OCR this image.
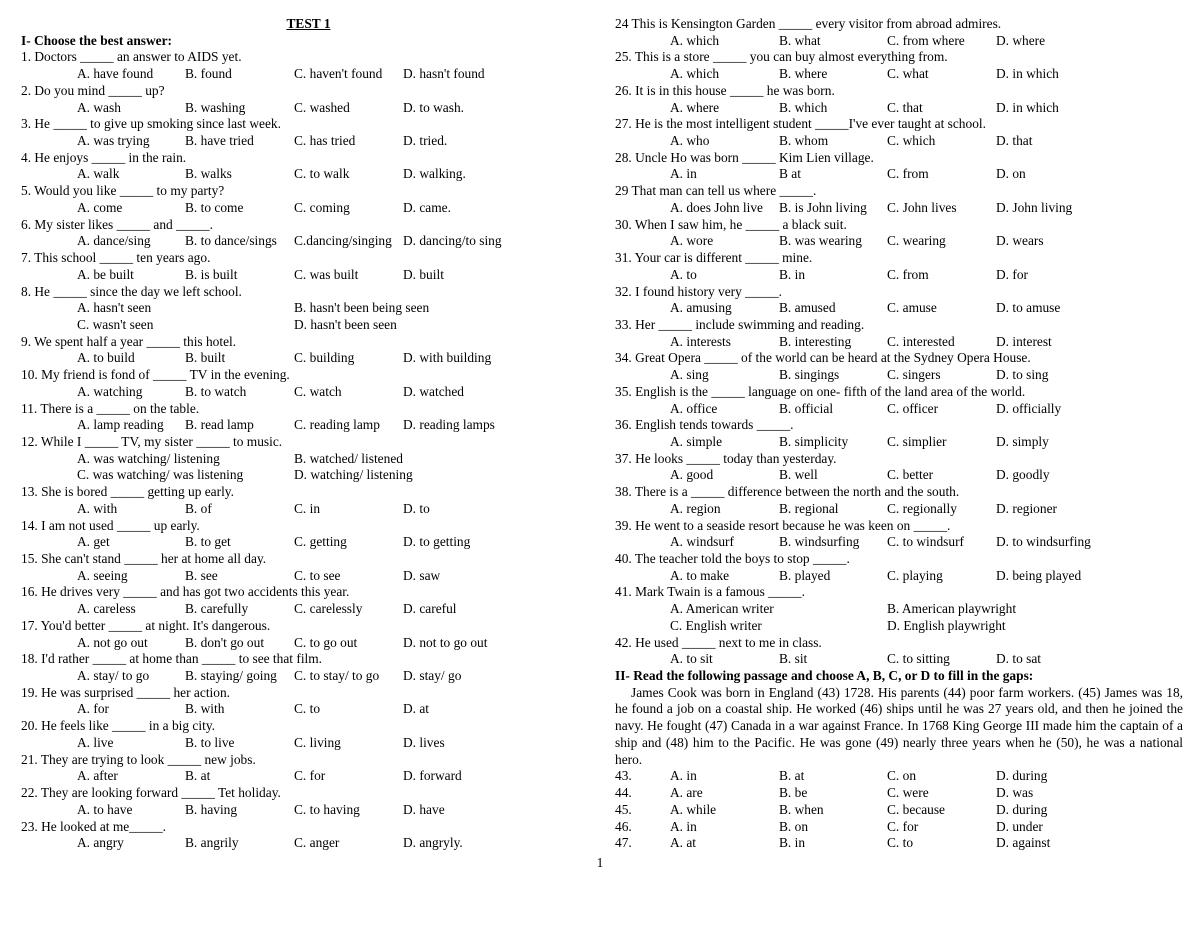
TEST 1
I- Choose the best answer:
1. Doctors _____ an answer to AIDS yet.
A. have found B. found	C. haven't found D. hasn't found
2. Do you mind _____ up?
A. wash	B. washing	C. washed	D. to wash.
3. He _____ to give up smoking since last week.
A. was trying	B. have tried	C. has tried	D. tried.
4. He enjoys _____ in the rain.
A. walk	B. walks	C. to walk	D. walking.
5. Would you like _____ to my party?
A. come	B. to come	C. coming	D. came.
6. My sister likes _____ and _____.
A. dance/sing	B. to dance/sings C.dancing/singing D. dancing/to sing
7. This school _____ ten years ago.
A. be built	B. is built	C. was built	D. built
8. He _____ since the day we left school.
A. hasn't seen	B. hasn't been being seen
C. wasn't seen	D. hasn't been seen
9. We spent half a year _____ this hotel.
A. to build	B. built	C. building	D. with building
10. My friend is fond of _____ TV in the evening.
A. watching	B. to watch	C. watch	D. watched
11. There is a _____ on the table.
A. lamp reading B. read lamp	C. reading lamp D. reading lamps
12. While I _____ TV, my sister _____ to music.
A. was watching/ listening	B. watched/ listened
C. was watching/ was listening	D. watching/ listening
13. She is bored _____ getting up early.
A. with	B. of	C. in	D. to
14. I am not used _____ up early.
A. get	B. to get	C. getting	D. to getting
15. She can't stand _____ her at home all day.
A. seeing	B. see	C. to see	D. saw
16. He drives very _____ and has got two accidents this year.
A. careless	B. carefully	C. carelessly	D. careful
17. You'd better _____ at night. It's dangerous.
A. not go out	B. don't go out C. to go out	D. not to go out
18. I'd rather _____ at home than _____ to see that film.
A. stay/ to go	B. staying/ going C. to stay/ to go D. stay/ go
19. He was surprised _____ her action.
A. for	B. with	C. to	D. at
20. He feels like _____ in a big city.
A. live	B. to live	C. living	D. lives
21. They are trying to look _____ new jobs.
A. after	B. at	C. for	D. forward
22. They are looking forward _____ Tet holiday.
A. to have	B. having	C. to having	D. have
23. He looked at me_____.
A. angry	B. angrily	C. anger	D. angryly.
24 This is Kensington Garden _____ every visitor from abroad admires.
A. which	B. what	C. from where D. where
25. This is a store _____ you can buy almost everything from.
A. which	B. where	C. what	D. in which
26. It is in this house _____ he was born.
A. where	B. which	C. that	D. in which
27. He is the most intelligent student _____I've ever taught at school.
A. who	B. whom	C. which	D. that
28. Uncle Ho was born _____ Kim Lien village.
A. in	B at	C. from	D. on
29 That man can tell us where _____.
A. does John live B. is John living C. John lives	D. John living
30. When I saw him, he _____ a black suit.
A. wore	B. was wearing C. wearing	D. wears
31. Your car is different _____ mine.
A. to	B. in	C. from	D. for
32. I found history very _____.
A. amusing	B. amused	C. amuse	D. to amuse
33. Her _____ include swimming and reading.
A. interests	B. interesting	C. interested	D. interest
34. Great Opera _____ of the world can be heard at the Sydney Opera House.
A. sing	B. singings	C. singers	D. to sing
35. English is the _____ language on one- fifth of the land area of the world.
A. office	B. official	C. officer	D. officially
36. English tends towards _____.
A. simple	B. simplicity	C. simplier	D. simply
37. He looks _____ today than yesterday.
A. good	B. well	C. better	D. goodly
38. There is a _____ difference between the north and the south.
A. region	B. regional	C. regionally	D. regioner
39. He went to a seaside resort because he was keen on _____.
A. windsurf	B. windsurfing C. to windsurf D. to windsurfing
40. The teacher told the boys to stop _____.
A. to make	B. played	C. playing	D. being played
41. Mark Twain is a famous _____.
A. American writer	B. American playwright
C. English writer	D. English playwright
42. He used _____ next to me in class.
A. to sit	B. sit	C. to sitting	D. to sat
II- Read the following passage and choose A, B, C, or D to fill in the gaps:
James Cook was born in England (43) 1728. His parents (44) poor farm workers. (45) James was 18, he found a job on a coastal ship. He worked (46) ships until he was 27 years old, and then he joined the navy. He fought (47) Canada in a war against France. In 1768 King George III made him the captain of a ship and (48) him to the Pacific. He was gone (49) nearly three years when he (50), he was a national hero.
43.	A. in	B. at	C. on	D. during
44.	A. are	B. be	C. were	D. was
45.	A. while	B. when	C. because	D. during
46.	A. in	B. on	C. for	D. under
47.	A. at	B. in	C. to	D. against
1
